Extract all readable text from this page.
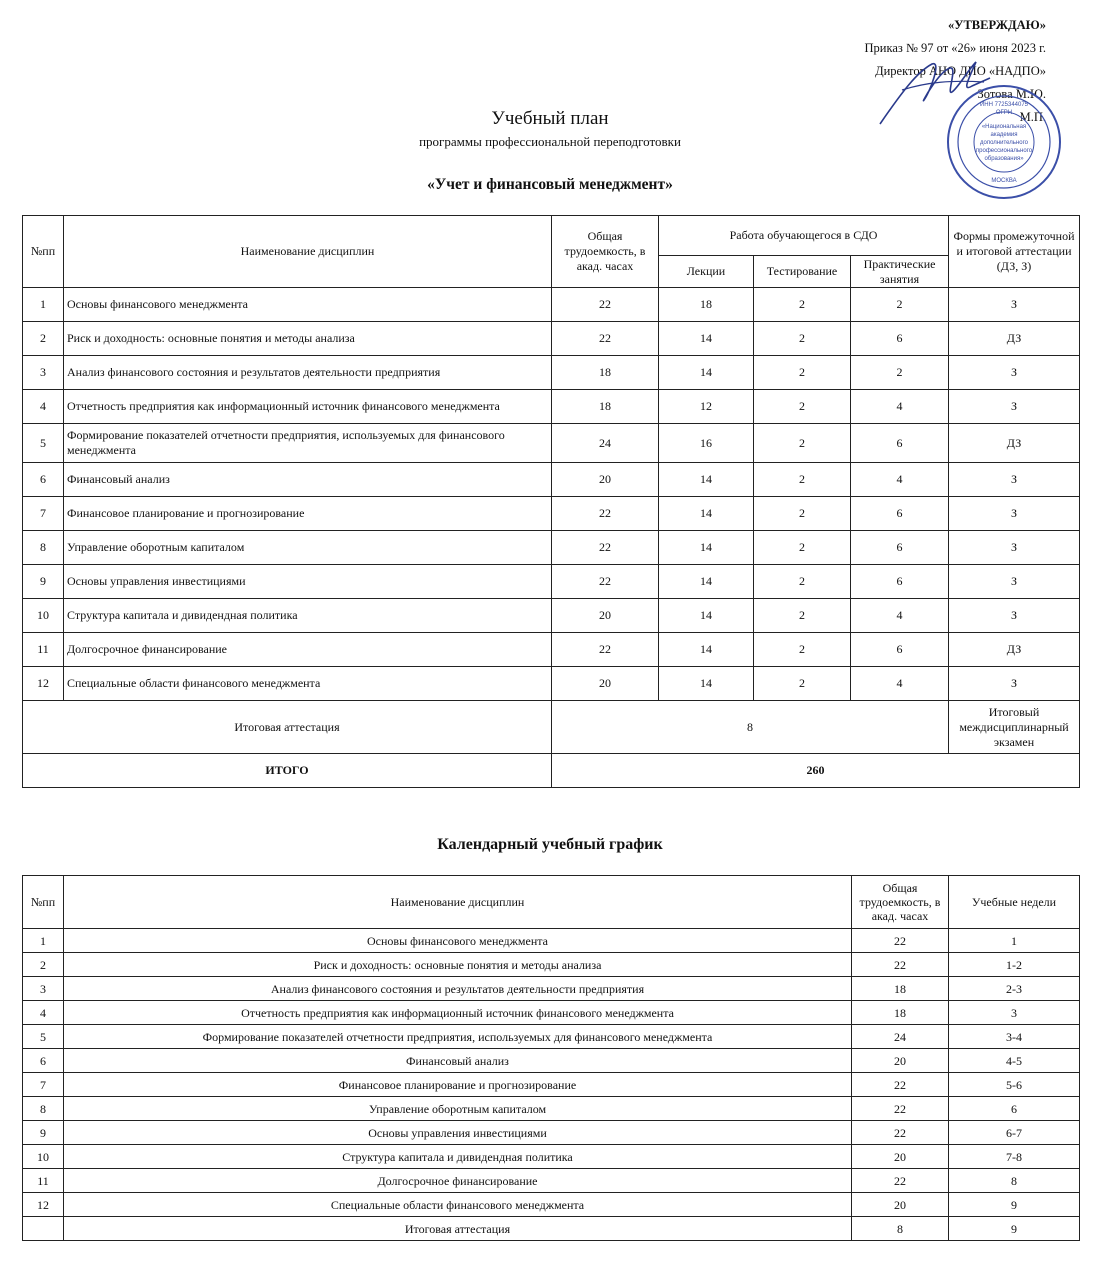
«УТВЕРЖДАЮ»
Приказ № 97 от «26» июня 2023 г.
Директор АНО ДПО «НАДПО»
Зотова М.Ю.
М.П.
ИНН 7725344075
ОГРН
«Национальная
академия
дополнительного
профессионального
образования»
МОСКВА
Учебный план
программы профессиональной переподготовки
«Учет и финансовый менеджмент»
№пп	Наименование дисциплин	Общая трудоемкость, в акад. часах	Работа обучающегося в СДО			Формы промежуточной и итоговой аттестации (ДЗ, З)
			Лекции	Тестирование	Практические занятия	
1	Основы финансового менеджмента	22	18	2	2	З
2	Риск и доходность: основные понятия и методы анализа	22	14	2	6	ДЗ
3	Анализ финансового состояния и результатов деятельности предприятия	18	14	2	2	З
4	Отчетность предприятия как информационный источник финансового менеджмента	18	12	2	4	З
5	Формирование показателей отчетности предприятия, используемых для финансового менеджмента	24	16	2	6	ДЗ
6	Финансовый анализ	20	14	2	4	З
7	Финансовое планирование и прогнозирование	22	14	2	6	З
8	Управление оборотным капиталом	22	14	2	6	З
9	Основы управления инвестициями	22	14	2	6	З
10	Структура капитала и дивидендная политика	20	14	2	4	З
11	Долгосрочное финансирование	22	14	2	6	ДЗ
12	Специальные области финансового менеджмента	20	14	2	4	З
Итоговая аттестация		8				Итоговый междисциплинарный экзамен
ИТОГО		260				
Календарный учебный график
№пп	Наименование дисциплин	Общая трудоемкость, в акад. часах	Учебные недели
1	Основы финансового менеджмента	22	1
2	Риск и доходность: основные понятия и методы анализа	22	1-2
3	Анализ финансового состояния и результатов деятельности предприятия	18	2-3
4	Отчетность предприятия как информационный источник финансового менеджмента	18	3
5	Формирование показателей отчетности предприятия, используемых для финансового менеджмента	24	3-4
6	Финансовый анализ	20	4-5
7	Финансовое планирование и прогнозирование	22	5-6
8	Управление оборотным капиталом	22	6
9	Основы управления инвестициями	22	6-7
10	Структура капитала и дивидендная политика	20	7-8
11	Долгосрочное финансирование	22	8
12	Специальные области финансового менеджмента	20	9
	Итоговая аттестация	8	9
